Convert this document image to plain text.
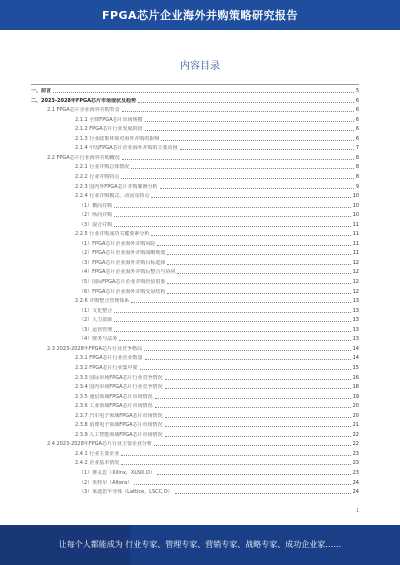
FPGA芯片企业海外并购策略研究报告
内容目录
一、前言	5
二、2023-2028年FPGA芯片市场现状及趋势	6
2.1 FPGA芯片企业海外并购背景	6
2.1.1 全球FPGA芯片市场规模	6
2.1.2 FPGA芯片行业发展阶段	6
2.1.3 行业政策环境对海外并购的影响	6
2.1.4 中国FPGA芯片企业海外并购的主要动因	7
2.2 FPGA芯片行业海外并购概况	8
2.2.1 行业并购总体情况	8
2.2.2 行业并购特点	8
2.2.3 国内外FPGA芯片并购案例分析	9
2.2.4 行业并购模式、动因及特点	10
（1）横向并购	10
（2）纵向并购	10
（3）混合并购	11
2.2.5 行业并购成功关键要素分析	11
（1）FPGA芯片企业海外并购风险	11
（2）FPGA芯片企业海外并购战略规划	11
（3）FPGA芯片企业海外并购目标选择	12
（4）FPGA芯片企业海外并购后整合与协同	12
（5）国际FPGA芯片企业并购经验借鉴	12
（6）FPGA芯片企业海外并购交易结构	12
2.2.6 并购整合管理体系	13
（1）文化整合	13
（2）人力资源	13
（3）运营管理	13
（4）财务与法务	13
2.3 2023-2028年FPGA芯片行业竞争格局	14
2.3.1 FPGA芯片行业企业数量	14
2.3.2 FPGA芯片行业集中度	15
2.3.3 国际市场FPGA芯片行业竞争情况	16
2.3.4 国内市场FPGA芯片行业竞争情况	18
2.3.5 通信领域FPGA芯片市场情况	19
2.3.6 工业领域FPGA芯片市场情况	20
2.3.7 汽车电子领域FPGA芯片市场情况	20
2.3.8 消费电子领域FPGA芯片市场情况	21
2.3.9 人工智能领域FPGA芯片市场情况	22
2.4 2023-2028年FPGA芯片行业主要企业分析	22
2.4.1 行业主要企业	23
2.4.2 企业基本情况	23
（1）赛灵思（Xilinx，XLNX.O）	23
（2）英特尔（Altera）	24
（3）莱迪思半导体（Lattice，LSCC.O）	24
1
让每个人都能成为 行业专家、管理专家、营销专家、战略专家、成功企业家……
